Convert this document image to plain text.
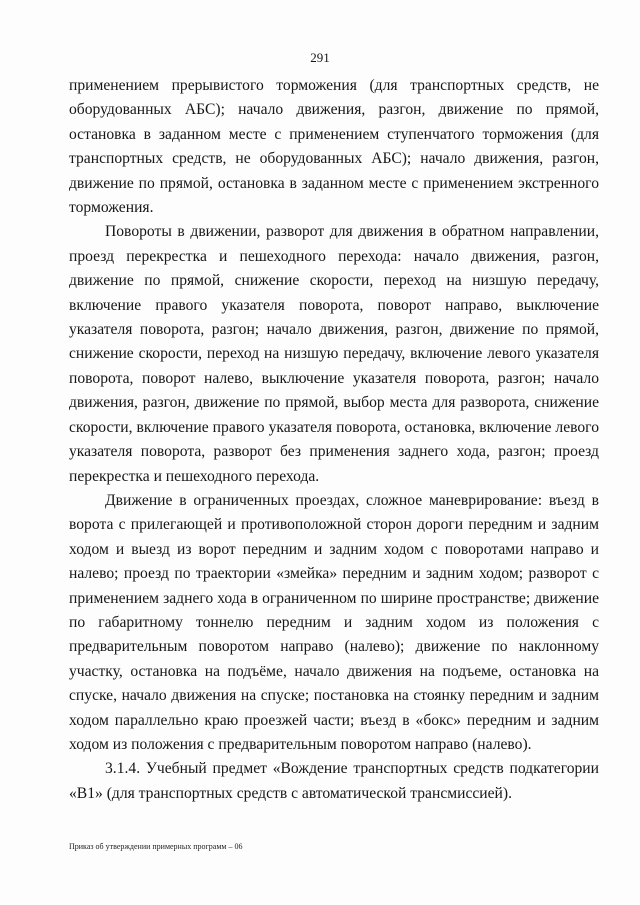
291

применением прерывистого торможения (для транспортных средств, не оборудованных АБС); начало движения, разгон, движение по прямой, остановка в заданном месте с применением ступенчатого торможения (для транспортных средств, не оборудованных АБС); начало движения, разгон, движение по прямой, остановка в заданном месте с применением экстренного торможения.

Повороты в движении, разворот для движения в обратном направлении, проезд перекрестка и пешеходного перехода: начало движения, разгон, движение по прямой, снижение скорости, переход на низшую передачу, включение правого указателя поворота, поворот направо, выключение указателя поворота, разгон; начало движения, разгон, движение по прямой, снижение скорости, переход на низшую передачу, включение левого указателя поворота, поворот налево, выключение указателя поворота, разгон; начало движения, разгон, движение по прямой, выбор места для разворота, снижение скорости, включение правого указателя поворота, остановка, включение левого указателя поворота, разворот без применения заднего хода, разгон; проезд перекрестка и пешеходного перехода.

Движение в ограниченных проездах, сложное маневрирование: въезд в ворота с прилегающей и противоположной сторон дороги передним и задним ходом и выезд из ворот передним и задним ходом с поворотами направо и налево; проезд по траектории «змейка» передним и задним ходом; разворот с применением заднего хода в ограниченном по ширине пространстве; движение по габаритному тоннелю передним и задним ходом из положения с предварительным поворотом направо (налево); движение по наклонному участку, остановка на подъёме, начало движения на подъеме, остановка на спуске, начало движения на спуске; постановка на стоянку передним и задним ходом параллельно краю проезжей части; въезд в «бокс» передним и задним ходом из положения с предварительным поворотом направо (налево).

3.1.4. Учебный предмет «Вождение транспортных средств подкатегории «В1» (для транспортных средств с автоматической трансмиссией).

Приказ об утверждении примерных программ – 06
